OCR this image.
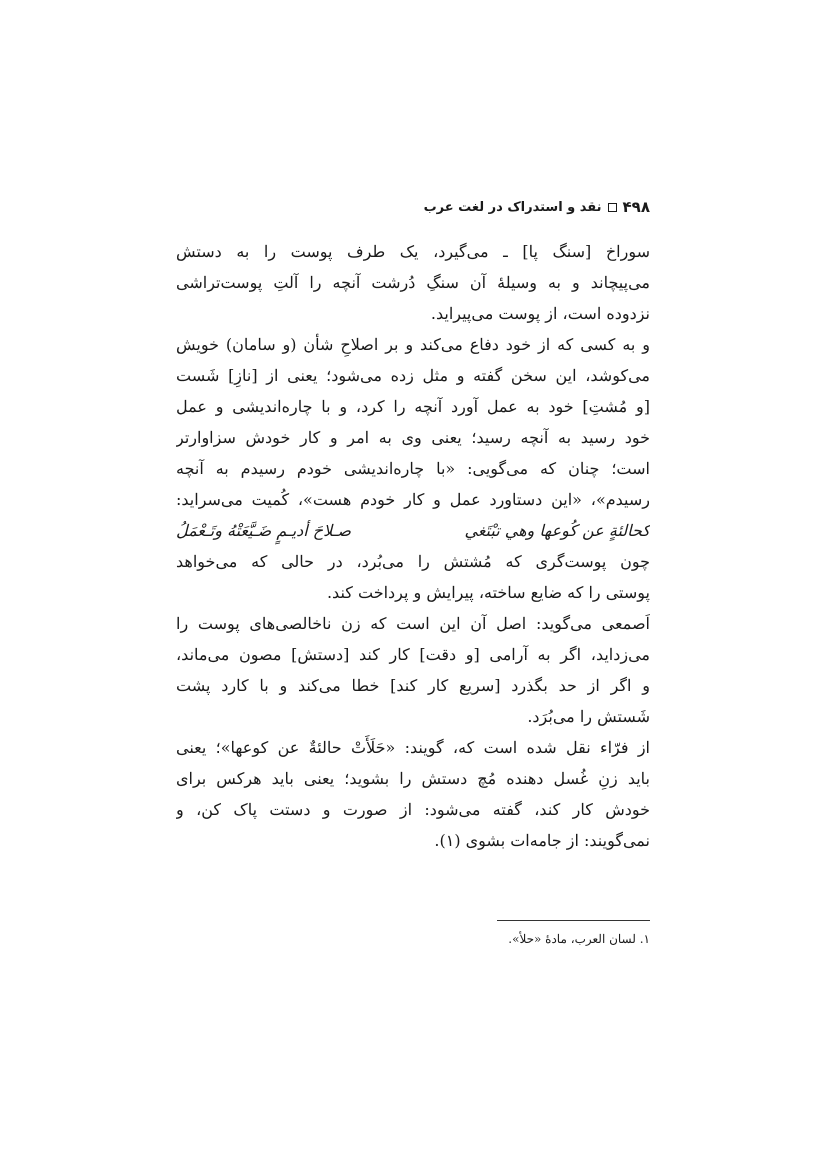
۴۹۸
نقد و استدراک در لغت عرب
سوراخ [سنگ پا] ـ می‌گیرد، یک طرف پوست را به دستش
می‌پیچاند و به وسیلهٔ آن سنگِ دُرشت آنچه را آلتِ پوست‌تراشی
نزدوده است، از پوست می‌پیراید.
و به کسی که از خود دفاع می‌کند و بر اصلاحِ شأن (و سامان) خویش
می‌کوشد، این سخن گفته و مثل زده می‌شود؛ یعنی از [نازِ] شَست
[و مُشتِ] خود به عمل آورد آنچه را کرد، و با چاره‌اندیشی و عمل
خود رسید به آنچه رسید؛ یعنی وی به امر و کار خودش سزاوارتر
است؛ چنان که می‌گویی: «با چاره‌اندیشی خودم رسیدم به آنچه
رسیدم»، «این دستاورد عمل و کار خودم هست»، کُمیت می‌سراید:
كحالئةٍ عن كُوعها وهي تبْتَغي
صـلاحَ أديـمٍ ضَـيَّعَتْهُ وتَـعْمَلُ
چون پوست‌گری که مُشتش را می‌بُرد، در حالی که می‌خواهد
پوستی را که ضایع ساخته، پیرایش و پرداخت کند.
اَصمعی می‌گوید: اصل آن این است که زن ناخالصی‌های پوست را
می‌زداید، اگر به آرامی [و دقت] کار کند [دستش] مصون می‌ماند،
و اگر از حد بگذرد [سریع کار کند] خطا می‌کند و با کارد پشت
شَستش را می‌بُرَد.
از فرّاء نقل شده است که، گویند: «حَلَأَتْ حالئةٌ عن كوعها»؛ یعنی
باید زنِ غُسل دهنده مُچ دستش را بشوید؛ یعنی باید هرکس برای
خودش کار کند، گفته می‌شود: از صورت و دستت پاک کن، و
نمی‌گویند: از جامه‌ات بشوی (۱).
۱. لسان العرب، مادهٔ «حلأ».
